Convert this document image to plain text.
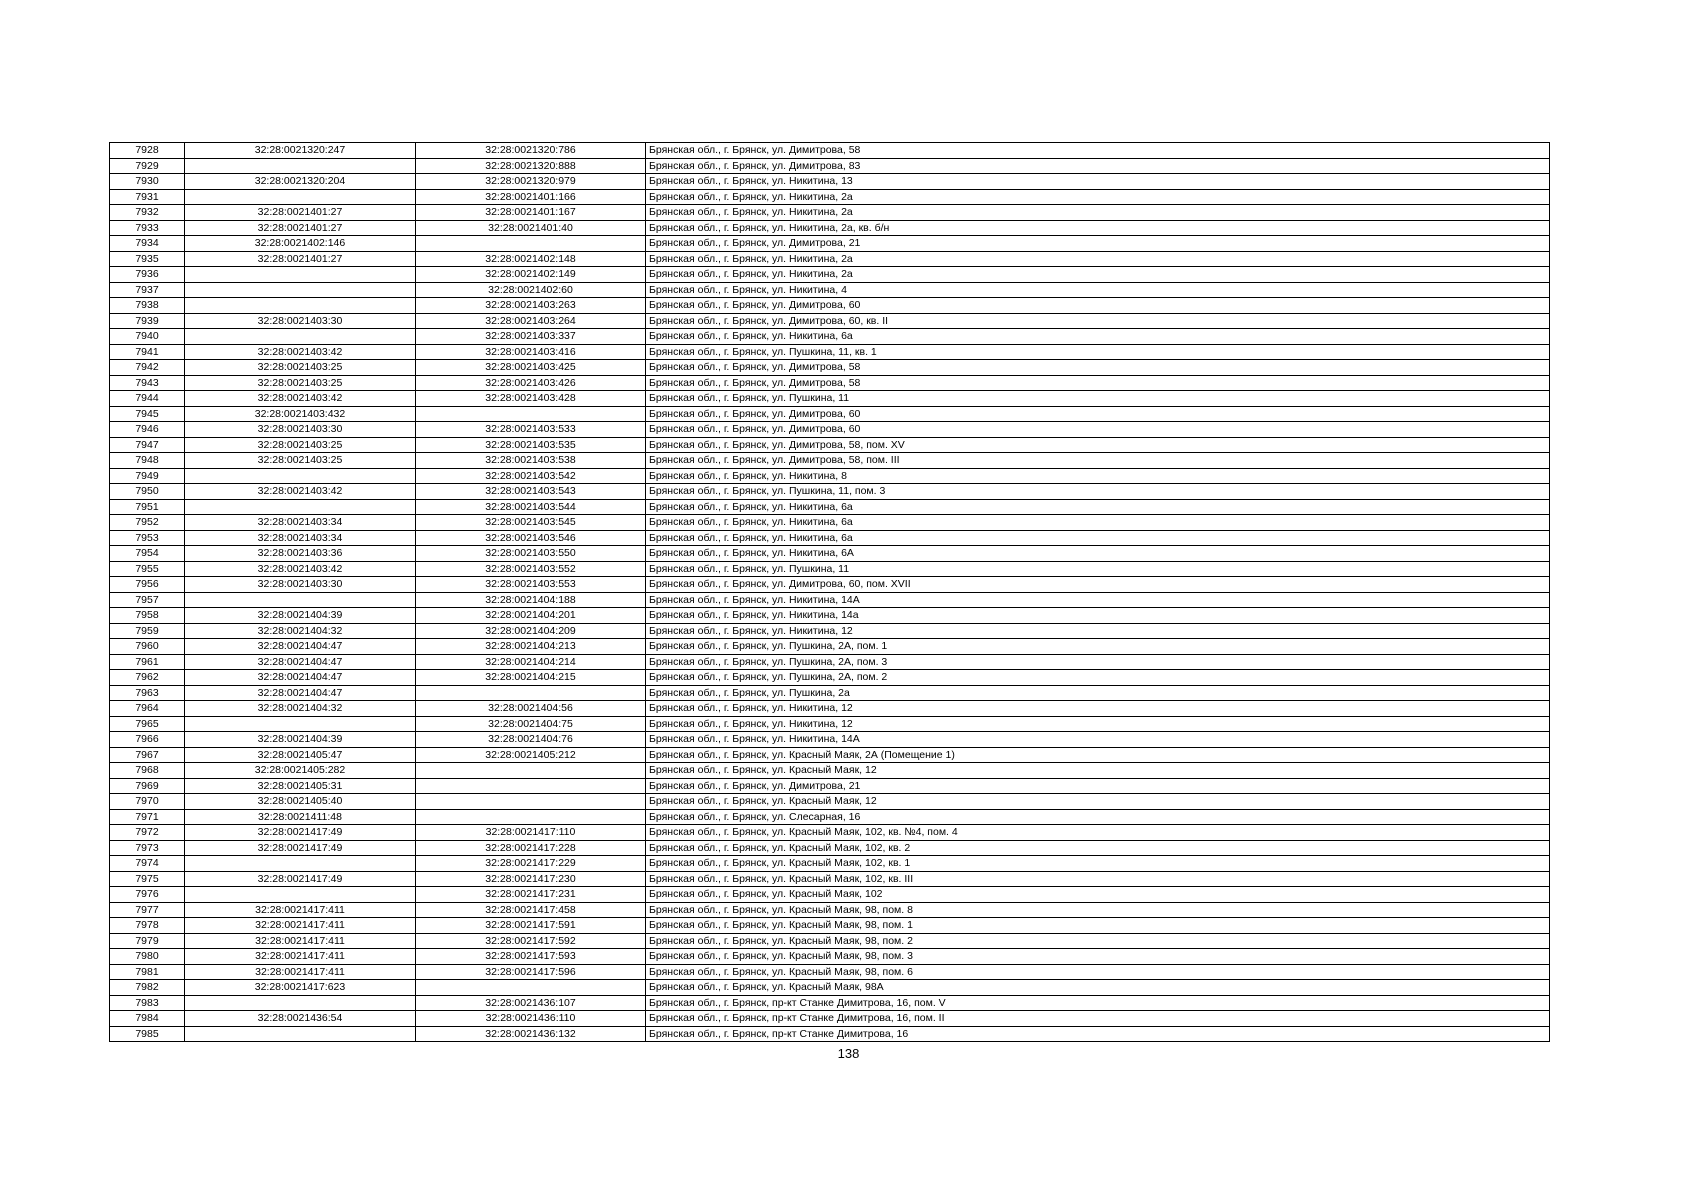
7928	32:28:0021320:247	32:28:0021320:786	Брянская обл., г. Брянск, ул. Димитрова, 58
7929		32:28:0021320:888	Брянская обл., г. Брянск, ул. Димитрова, 83
7930	32:28:0021320:204	32:28:0021320:979	Брянская обл., г. Брянск, ул. Никитина, 13
7931		32:28:0021401:166	Брянская обл., г. Брянск, ул. Никитина, 2а
7932	32:28:0021401:27	32:28:0021401:167	Брянская обл., г. Брянск, ул. Никитина, 2а
7933	32:28:0021401:27	32:28:0021401:40	Брянская обл., г. Брянск, ул. Никитина, 2а, кв. б/н
7934	32:28:0021402:146		Брянская обл., г. Брянск, ул. Димитрова, 21
7935	32:28:0021401:27	32:28:0021402:148	Брянская обл., г. Брянск, ул. Никитина, 2а
7936		32:28:0021402:149	Брянская обл., г. Брянск, ул. Никитина, 2а
7937		32:28:0021402:60	Брянская обл., г. Брянск, ул. Никитина, 4
7938		32:28:0021403:263	Брянская обл., г. Брянск, ул. Димитрова, 60
7939	32:28:0021403:30	32:28:0021403:264	Брянская обл., г. Брянск, ул. Димитрова, 60, кв. II
7940		32:28:0021403:337	Брянская обл., г. Брянск, ул. Никитина, 6а
7941	32:28:0021403:42	32:28:0021403:416	Брянская обл., г. Брянск, ул. Пушкина, 11, кв. 1
7942	32:28:0021403:25	32:28:0021403:425	Брянская обл., г. Брянск, ул. Димитрова, 58
7943	32:28:0021403:25	32:28:0021403:426	Брянская обл., г. Брянск, ул. Димитрова, 58
7944	32:28:0021403:42	32:28:0021403:428	Брянская обл., г. Брянск, ул. Пушкина, 11
7945	32:28:0021403:432		Брянская обл., г. Брянск, ул. Димитрова, 60
7946	32:28:0021403:30	32:28:0021403:533	Брянская обл., г. Брянск, ул. Димитрова, 60
7947	32:28:0021403:25	32:28:0021403:535	Брянская обл., г. Брянск, ул. Димитрова, 58, пом. XV
7948	32:28:0021403:25	32:28:0021403:538	Брянская обл., г. Брянск, ул. Димитрова, 58, пом. III
7949		32:28:0021403:542	Брянская обл., г. Брянск, ул. Никитина, 8
7950	32:28:0021403:42	32:28:0021403:543	Брянская обл., г. Брянск, ул. Пушкина, 11, пом. 3
7951		32:28:0021403:544	Брянская обл., г. Брянск, ул. Никитина, 6а
7952	32:28:0021403:34	32:28:0021403:545	Брянская обл., г. Брянск, ул. Никитина, 6а
7953	32:28:0021403:34	32:28:0021403:546	Брянская обл., г. Брянск, ул. Никитина, 6а
7954	32:28:0021403:36	32:28:0021403:550	Брянская обл., г. Брянск, ул. Никитина, 6А
7955	32:28:0021403:42	32:28:0021403:552	Брянская обл., г. Брянск, ул. Пушкина, 11
7956	32:28:0021403:30	32:28:0021403:553	Брянская обл., г. Брянск, ул. Димитрова, 60, пом. XVII
7957		32:28:0021404:188	Брянская обл., г. Брянск, ул. Никитина, 14А
7958	32:28:0021404:39	32:28:0021404:201	Брянская обл., г. Брянск, ул. Никитина, 14а
7959	32:28:0021404:32	32:28:0021404:209	Брянская обл., г. Брянск, ул. Никитина, 12
7960	32:28:0021404:47	32:28:0021404:213	Брянская обл., г. Брянск, ул. Пушкина, 2А, пом. 1
7961	32:28:0021404:47	32:28:0021404:214	Брянская обл., г. Брянск, ул. Пушкина, 2А, пом. 3
7962	32:28:0021404:47	32:28:0021404:215	Брянская обл., г. Брянск, ул. Пушкина, 2А, пом. 2
7963	32:28:0021404:47		Брянская обл., г. Брянск, ул. Пушкина, 2а
7964	32:28:0021404:32	32:28:0021404:56	Брянская обл., г. Брянск, ул. Никитина, 12
7965		32:28:0021404:75	Брянская обл., г. Брянск, ул. Никитина, 12
7966	32:28:0021404:39	32:28:0021404:76	Брянская обл., г. Брянск, ул. Никитина, 14А
7967	32:28:0021405:47	32:28:0021405:212	Брянская обл., г. Брянск, ул. Красный Маяк, 2А (Помещение 1)
7968	32:28:0021405:282		Брянская обл., г. Брянск, ул. Красный Маяк, 12
7969	32:28:0021405:31		Брянская обл., г. Брянск, ул. Димитрова, 21
7970	32:28:0021405:40		Брянская обл., г. Брянск, ул. Красный Маяк, 12
7971	32:28:0021411:48		Брянская обл., г. Брянск, ул. Слесарная, 16
7972	32:28:0021417:49	32:28:0021417:110	Брянская обл., г. Брянск, ул. Красный Маяк, 102, кв. №4, пом. 4
7973	32:28:0021417:49	32:28:0021417:228	Брянская обл., г. Брянск, ул. Красный Маяк, 102, кв. 2
7974		32:28:0021417:229	Брянская обл., г. Брянск, ул. Красный Маяк, 102, кв. 1
7975	32:28:0021417:49	32:28:0021417:230	Брянская обл., г. Брянск, ул. Красный Маяк, 102, кв. III
7976		32:28:0021417:231	Брянская обл., г. Брянск, ул. Красный Маяк, 102
7977	32:28:0021417:411	32:28:0021417:458	Брянская обл., г. Брянск, ул. Красный Маяк, 98, пом. 8
7978	32:28:0021417:411	32:28:0021417:591	Брянская обл., г. Брянск, ул. Красный Маяк, 98, пом. 1
7979	32:28:0021417:411	32:28:0021417:592	Брянская обл., г. Брянск, ул. Красный Маяк, 98, пом. 2
7980	32:28:0021417:411	32:28:0021417:593	Брянская обл., г. Брянск, ул. Красный Маяк, 98, пом. 3
7981	32:28:0021417:411	32:28:0021417:596	Брянская обл., г. Брянск, ул. Красный Маяк, 98, пом. 6
7982	32:28:0021417:623		Брянская обл., г. Брянск, ул. Красный Маяк, 98А
7983		32:28:0021436:107	Брянская обл., г. Брянск, пр-кт Станке Димитрова, 16, пом. V
7984	32:28:0021436:54	32:28:0021436:110	Брянская обл., г. Брянск, пр-кт Станке Димитрова, 16, пом. II
7985		32:28:0021436:132	Брянская обл., г. Брянск, пр-кт Станке Димитрова, 16
138
